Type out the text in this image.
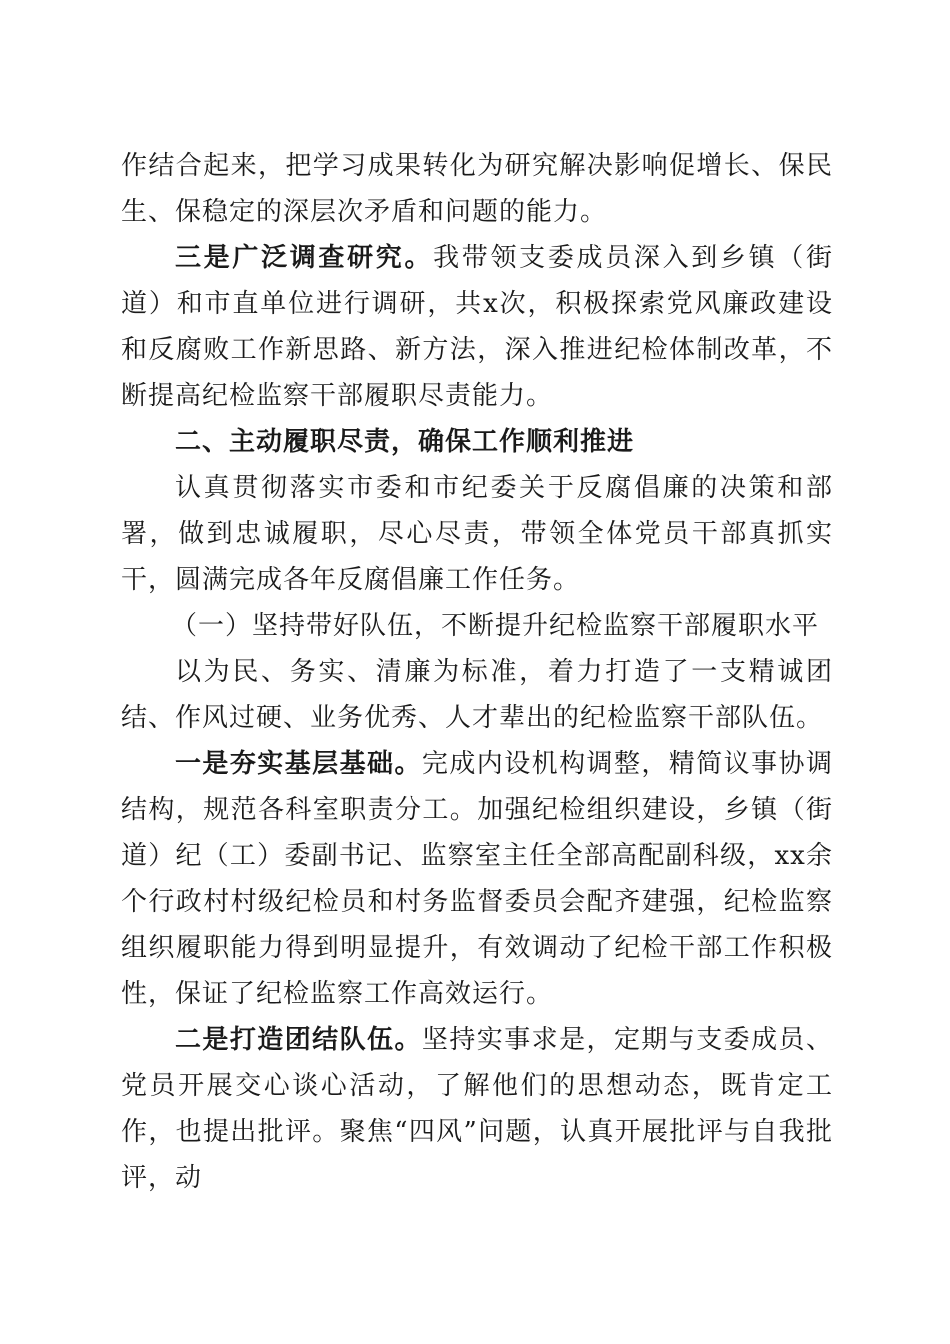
作结合起来，把学习成果转化为研究解决影响促增长、保民生、保稳定的深层次矛盾和问题的能力。

三是广泛调查研究。我带领支委成员深入到乡镇（街道）和市直单位进行调研，共x次，积极探索党风廉政建设和反腐败工作新思路、新方法，深入推进纪检体制改革，不断提高纪检监察干部履职尽责能力。

二、主动履职尽责，确保工作顺利推进

认真贯彻落实市委和市纪委关于反腐倡廉的决策和部署，做到忠诚履职，尽心尽责，带领全体党员干部真抓实干，圆满完成各年反腐倡廉工作任务。

（一）坚持带好队伍，不断提升纪检监察干部履职水平

以为民、务实、清廉为标准，着力打造了一支精诚团结、作风过硬、业务优秀、人才辈出的纪检监察干部队伍。

一是夯实基层基础。完成内设机构调整，精简议事协调结构，规范各科室职责分工。加强纪检组织建设，乡镇（街道）纪（工）委副书记、监察室主任全部高配副科级，xx余个行政村村级纪检员和村务监督委员会配齐建强，纪检监察组织履职能力得到明显提升，有效调动了纪检干部工作积极性，保证了纪检监察工作高效运行。

二是打造团结队伍。坚持实事求是，定期与支委成员、党员开展交心谈心活动，了解他们的思想动态，既肯定工作，也提出批评。聚焦“四风”问题，认真开展批评与自我批评，动
